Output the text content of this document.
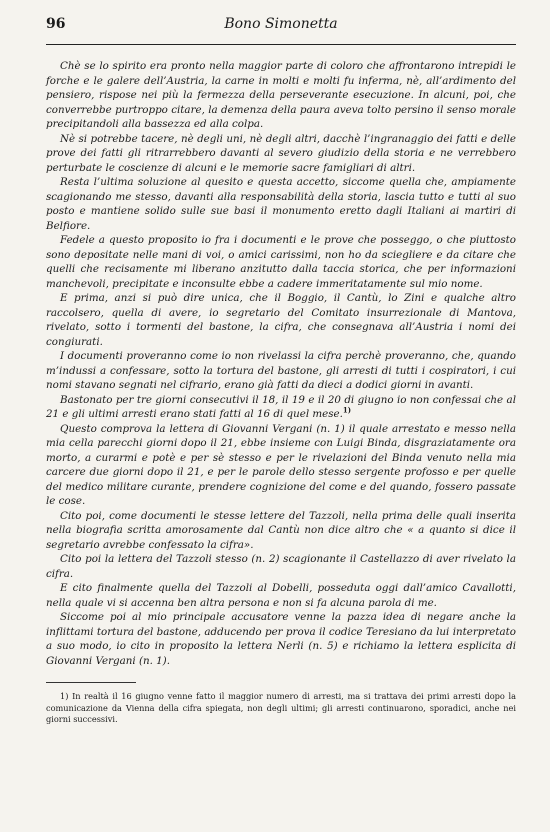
96	Bono Simonetta

Chè se lo spirito era pronto nella maggior parte di coloro che affrontarono intrepidi le forche e le galere dell’Austria, la carne in molti e molti fu inferma, nè, all’ardimento del pensiero, rispose nei più la fermezza della perseverante esecuzione. In alcuni, poi, che converrebbe purtroppo citare, la demenza della paura aveva tolto persino il senso morale precipitandoli alla bassezza ed alla colpa.

Nè si potrebbe tacere, nè degli uni, nè degli altri, dacchè l’ingranaggio dei fatti e delle prove dei fatti gli ritrarrebbero davanti al severo giudizio della storia e ne verrebbero perturbate le coscienze di alcuni e le memorie sacre famigliari di altri.

Resta l’ultima soluzione al quesito e questa accetto, siccome quella che, ampiamente scagionando me stesso, davanti alla responsabilità della storia, lascia tutto e tutti al suo posto e mantiene solido sulle sue basi il monumento eretto dagli Italiani ai martiri di Belfiore.

Fedele a questo proposito io fra i documenti e le prove che posseggo, o che piuttosto sono depositate nelle mani di voi, o amici carissimi, non ho da sciegliere e da citare che quelli che recisamente mi liberano anzitutto dalla taccia storica, che per informazioni manchevoli, precipitate e inconsulte ebbe a cadere immeritatamente sul mio nome.

E prima, anzi si può dire unica, che il Boggio, il Cantù, lo Zini e qualche altro raccolsero, quella di avere, io segretario del Comitato insurrezionale di Mantova, rivelato, sotto i tormenti del bastone, la cifra, che consegnava all’Austria i nomi dei congiurati.

I documenti proveranno come io non rivelassi la cifra perchè proveranno, che, quando m’indussi a confessare, sotto la tortura del bastone, gli arresti di tutti i cospiratori, i cui nomi stavano segnati nel cifrario, erano già fatti da dieci a dodici giorni in avanti.

Bastonato per tre giorni consecutivi il 18, il 19 e il 20 di giugno io non confessai che al 21 e gli ultimi arresti erano stati fatti al 16 di quel mese.$^{1)}$

Questo comprova la lettera di Giovanni Vergani (n. 1) il quale arrestato e messo nella mia cella parecchi giorni dopo il 21, ebbe insieme con Luigi Binda, disgraziatamente ora morto, a curarmi e potè e per sè stesso e per le rivelazioni del Binda venuto nella mia carcere due giorni dopo il 21, e per le parole dello stesso sergente profosso e per quelle del medico militare curante, prendere cognizione del come e del quando, fossero passate le cose.

Cito poi, come documenti le stesse lettere del Tazzoli, nella prima delle quali inserita nella biografia scritta amorosamente dal Cantù non dice altro che « a quanto si dice il segretario avrebbe confessato la cifra».

Cito poi la lettera del Tazzoli stesso (n. 2) scagionante il Castellazzo di aver rivelato la cifra.

E cito finalmente quella del Tazzoli al Dobelli, posseduta oggi dall’amico Cavallotti, nella quale vi si accenna ben altra persona e non si fa alcuna parola di me.

Siccome poi al mio principale accusatore venne la pazza idea di negare anche la inflittami tortura del bastone, adducendo per prova il codice Teresiano da lui interpretato a suo modo, io cito in proposito la lettera Nerli (n. 5) e richiamo la lettera esplicita di Giovanni Vergani (n. 1).

1) In realtà il 16 giugno venne fatto il maggior numero di arresti, ma si trattava dei primi arresti dopo la comunicazione da Vienna della cifra spiegata, non degli ultimi; gli arresti continuarono, sporadici, anche nei giorni successivi.
